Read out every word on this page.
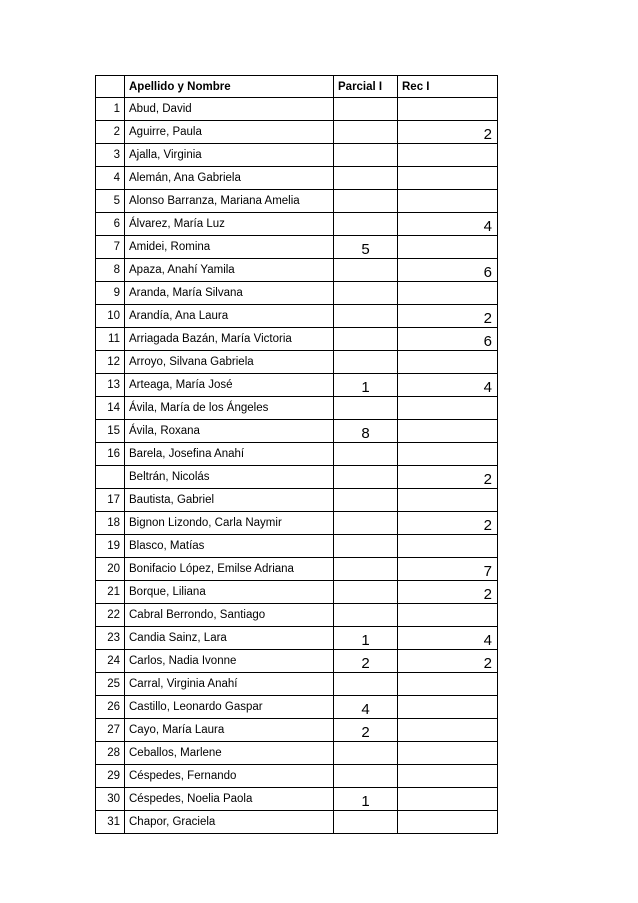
	Apellido y Nombre	Parcial I	Rec I
1	Abud, David		
2	Aguirre, Paula		2
3	Ajalla, Virginia		
4	Alemán, Ana Gabriela		
5	Alonso Barranza, Mariana Amelia		
6	Álvarez, María Luz		4
7	Amidei, Romina	5	
8	Apaza, Anahí Yamila		6
9	Aranda, María Silvana		
10	Arandía, Ana Laura		2
11	Arriagada Bazán, María Victoria		6
12	Arroyo, Silvana Gabriela		
13	Arteaga, María José	1	4
14	Ávila, María de los Ángeles		
15	Ávila, Roxana	8	
16	Barela, Josefina Anahí		
	Beltrán, Nicolás		2
17	Bautista, Gabriel		
18	Bignon Lizondo, Carla Naymir		2
19	Blasco, Matías		
20	Bonifacio López, Emilse Adriana		7
21	Borque, Liliana		2
22	Cabral Berrondo, Santiago		
23	Candia Sainz, Lara	1	4
24	Carlos, Nadia Ivonne	2	2
25	Carral, Virginia Anahí		
26	Castillo, Leonardo Gaspar	4	
27	Cayo, María Laura	2	
28	Ceballos, Marlene		
29	Céspedes, Fernando		
30	Céspedes, Noelia Paola	1	
31	Chapor, Graciela		
